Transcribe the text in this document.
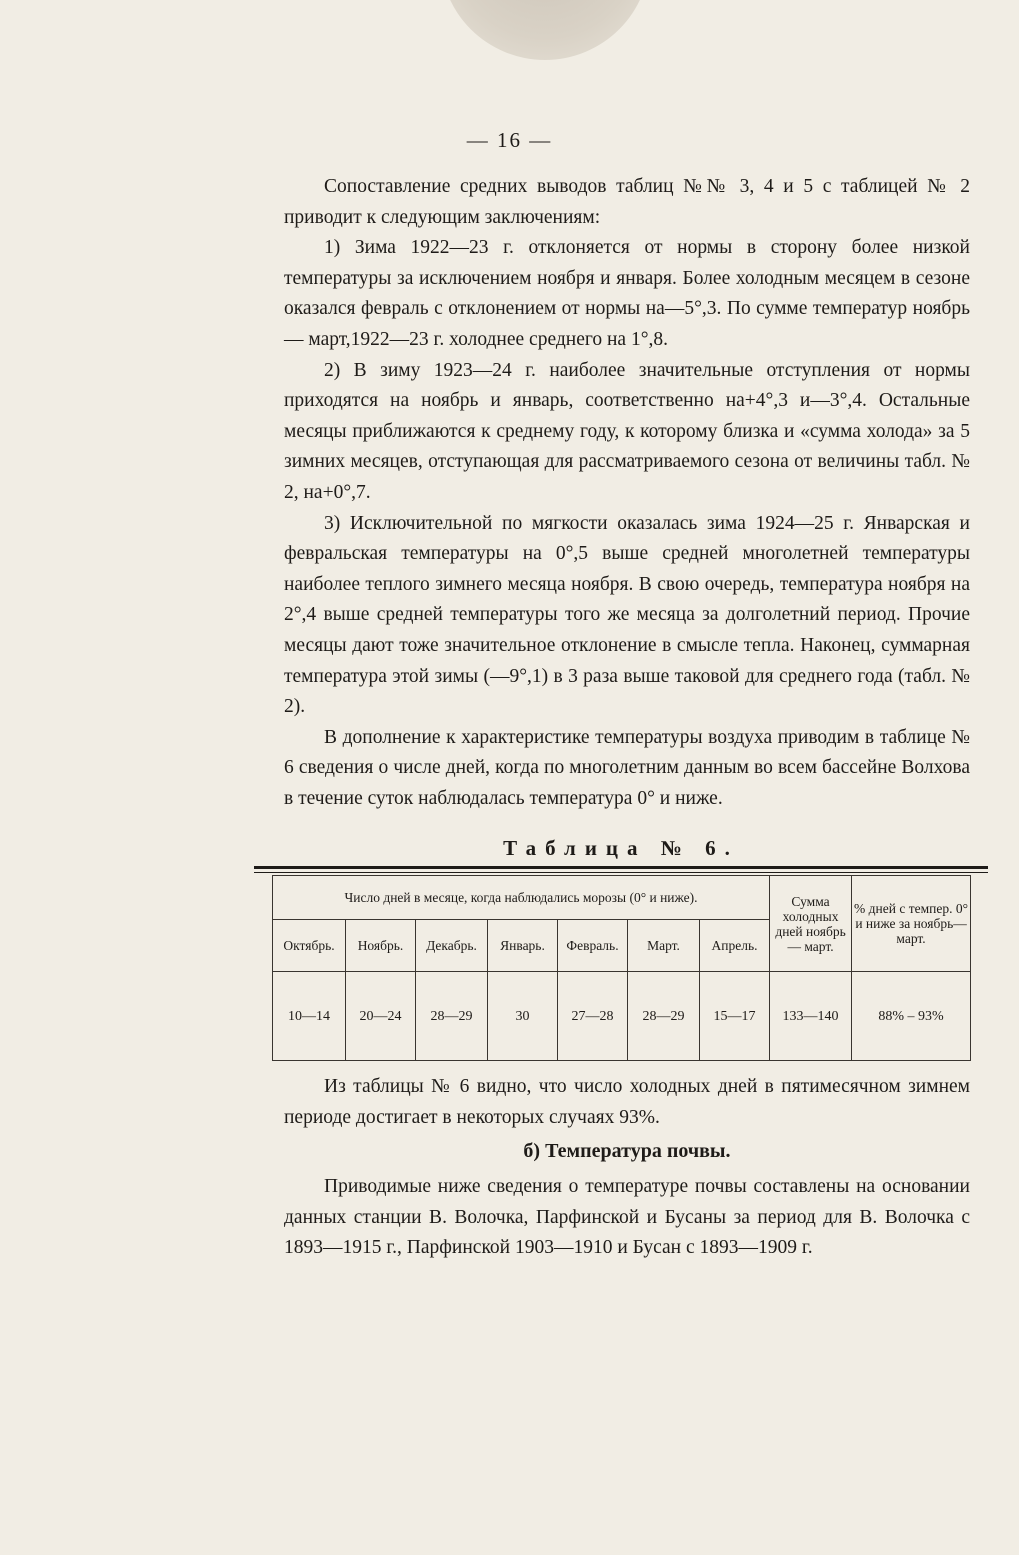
— 16 —

Сопоставление средних выводов таблиц №№ 3, 4 и 5 с таблицей № 2 приводит к следующим заключениям:

1) Зима 1922—23 г. отклоняется от нормы в сторону более низкой температуры за исключением ноября и января. Более холодным месяцем в сезоне оказался февраль с отклонением от нормы на—5°,3. По сумме температур ноябрь— март,1922—23 г. холоднее среднего на 1°,8.

2) В зиму 1923—24 г. наиболее значительные отступления от нормы приходятся на ноябрь и январь, соответственно на+4°,3 и—3°,4. Остальные месяцы приближаются к среднему году, к которому близка и «сумма холода» за 5 зимних месяцев, отступающая для рассматриваемого сезона от величины табл. № 2, на+0°,7.

3) Исключительной по мягкости оказалась зима 1924—25 г. Январская и февральская температуры на 0°,5 выше средней многолетней температуры наиболее теплого зимнего месяца ноября. В свою очередь, температура ноября на 2°,4 выше средней температуры того же месяца за долголетний период. Прочие месяцы дают тоже значительное отклонение в смысле тепла. Наконец, суммарная температура этой зимы (—9°,1) в 3 раза выше таковой для среднего года (табл. № 2).

В дополнение к характеристике температуры воздуха приводим в таблице № 6 сведения о числе дней, когда по многолетним данным во всем бассейне Волхова в течение суток наблюдалась температура 0° и ниже.

Таблица № 6.
Число дней в месяце, когда наблюдались морозы (0° и ниже).							Сумма холодных дней ноябрь— март.	% дней с темпер. 0° и ниже за ноябрь—март.
Октябрь.	Ноябрь.	Декабрь.	Январь.	Февраль.	Март.	Апрель.		
10—14	20—24	28—29	30	27—28	28—29	15—17	133—140	88% – 93%

Из таблицы № 6 видно, что число холодных дней в пятимесячном зимнем периоде достигает в некоторых случаях 93%.

б) Температура почвы.

Приводимые ниже сведения о температуре почвы составлены на основании данных станции В. Волочка, Парфинской и Бусаны за период для В. Волочка с 1893—1915 г., Парфинской 1903—1910 и Бусан с 1893—1909 г.
